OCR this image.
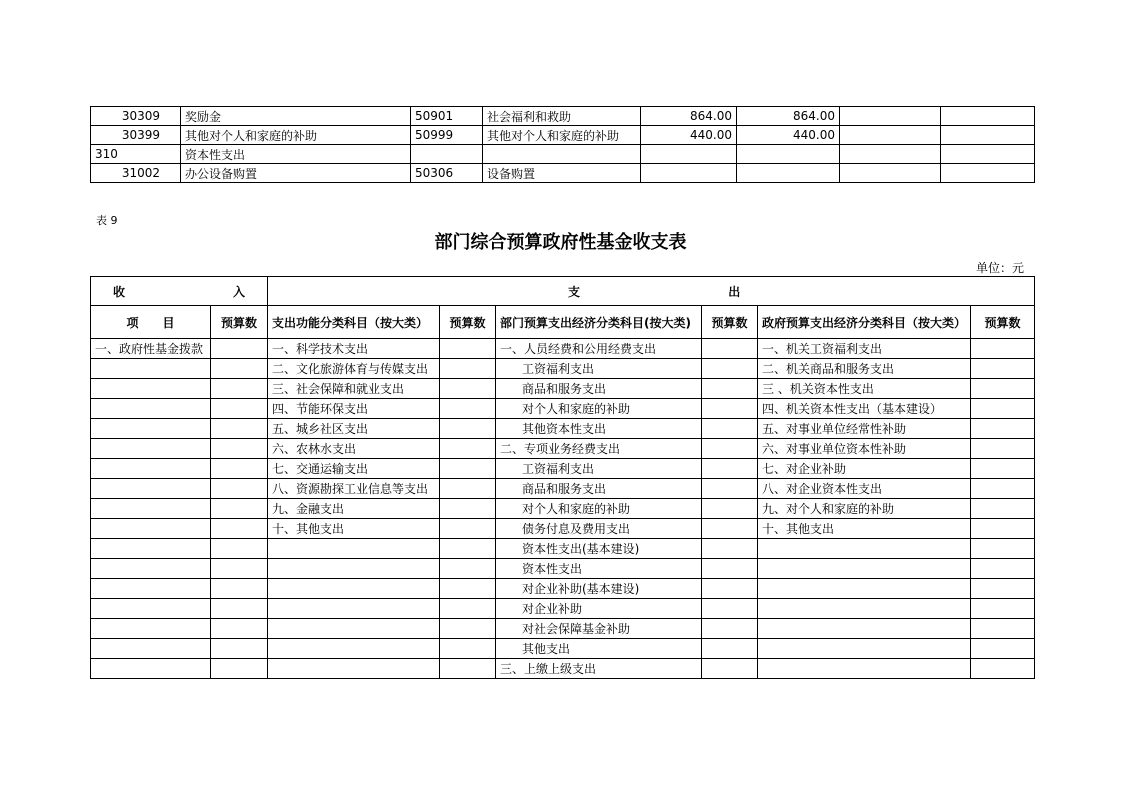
30309	奖励金	50901	社会福利和救助	864.00	864.00		
30399	其他对个人和家庭的补助	50999	其他对个人和家庭的补助	440.00	440.00		
310	资本性支出						
31002	办公设备购置	50306	设备购置				
表 9
部门综合预算政府性基金收支表
单位：元
收 入		支 出					
项　　目	预算数	支出功能分类科目（按大类）	预算数	部门预算支出经济分类科目(按大类)	预算数	政府预算支出经济分类科目（按大类）	预算数
一、政府性基金拨款		一、科学技术支出		一、人员经费和公用经费支出		一、机关工资福利支出	
		二、文化旅游体育与传媒支出		工资福利支出		二、机关商品和服务支出	
		三、社会保障和就业支出		商品和服务支出		三 、机关资本性支出	
		四、节能环保支出		对个人和家庭的补助		四、机关资本性支出（基本建设）	
		五、城乡社区支出		其他资本性支出		五、对事业单位经常性补助	
		六、农林水支出		二、专项业务经费支出		六、对事业单位资本性补助	
		七、交通运输支出		工资福利支出		七、对企业补助	
		八、资源勘探工业信息等支出		商品和服务支出		八、对企业资本性支出	
		九、金融支出		对个人和家庭的补助		九、对个人和家庭的补助	
		十、其他支出		债务付息及费用支出		十、其他支出	
				资本性支出(基本建设)			
				资本性支出			
				对企业补助(基本建设)			
				对企业补助			
				对社会保障基金补助			
				其他支出			
				三、上缴上级支出			
